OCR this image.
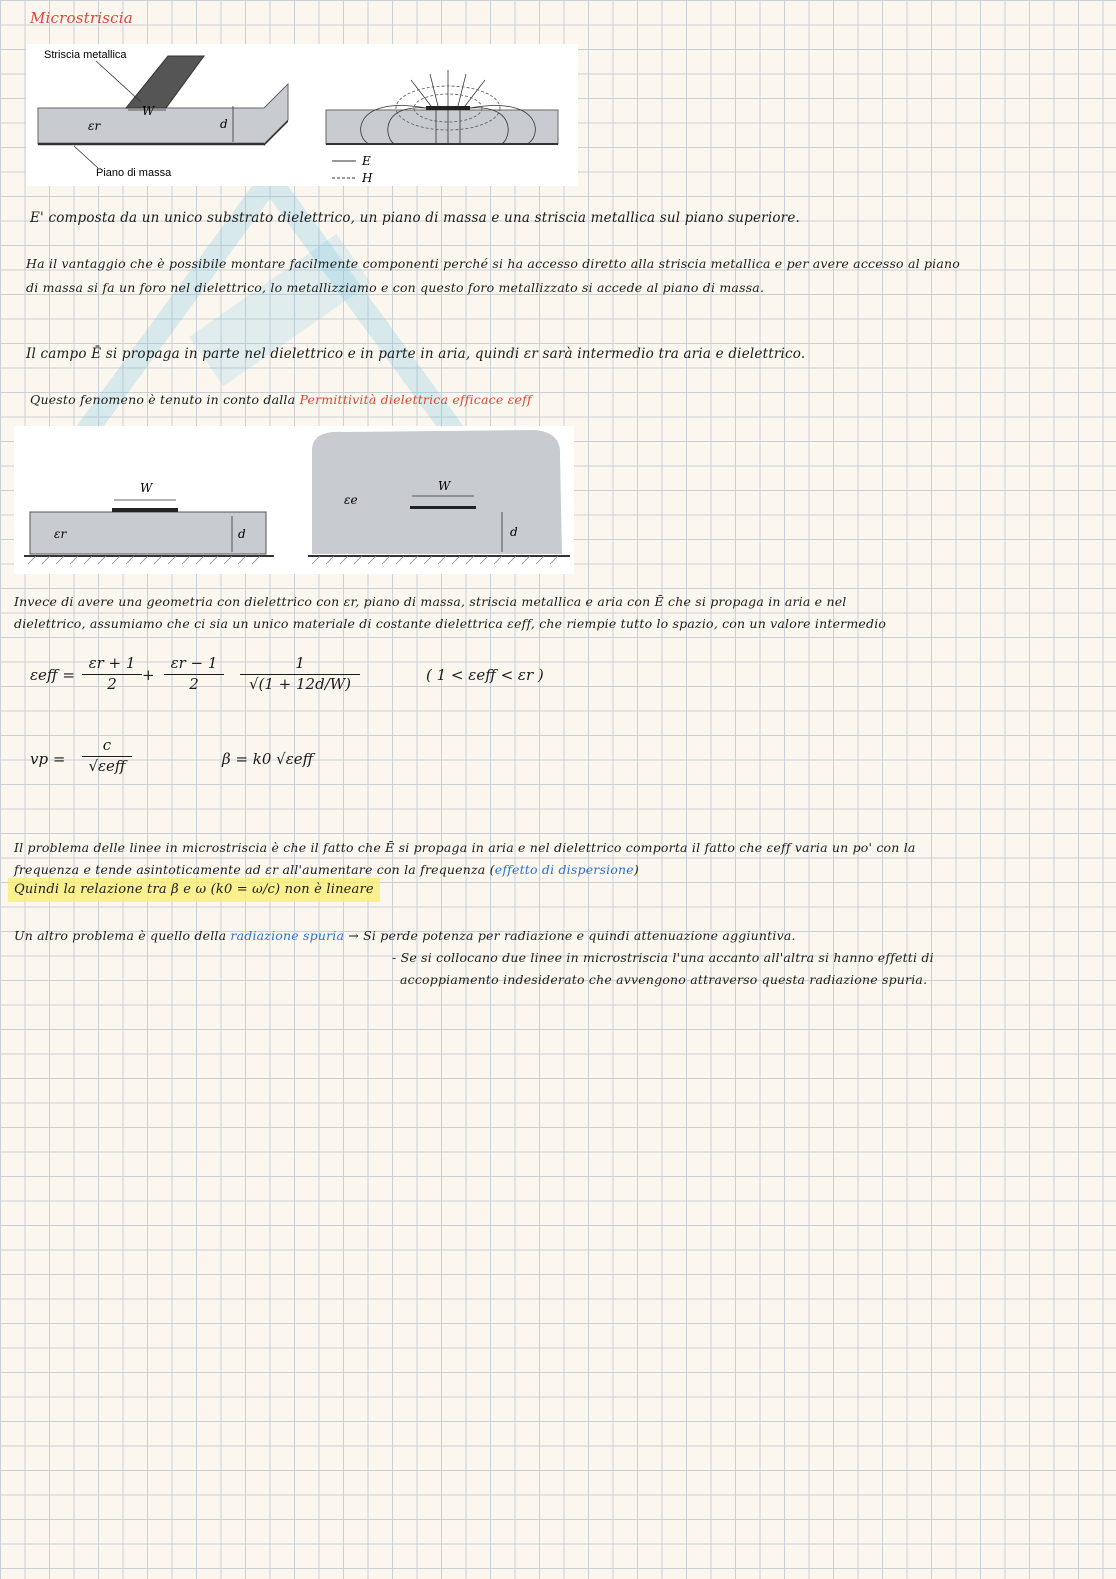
Microstriscia
Striscia metallica
Piano di massa
W
εr	d
E
H
E' composta da un unico substrato dielettrico, un piano di massa e una striscia metallica sul piano superiore.
Ha il vantaggio che è possibile montare facilmente componenti perché si ha accesso diretto alla striscia metallica e per avere accesso al piano
di massa si fa un foro nel dielettrico, lo metallizziamo e con questo foro metallizzato si accede al piano di massa.
Il campo Ē si propaga in parte nel dielettrico e in parte in aria, quindi εr sarà intermedio tra aria e dielettrico.
Questo fenomeno è tenuto in conto dalla Permittività dielettrica efficace εeff
W
εr	d
W
εe
d
Invece di avere una geometria con dielettrico con εr, piano di massa, striscia metallica e aria con Ē che si propaga in aria e nel
dielettrico, assumiamo che ci sia un unico materiale di costante dielettrica εeff, che riempie tutto lo spazio, con un valore intermedio
εeff =
εr + 1
2	+
εr − 1
2
1
√(1 + 12d/W)	( 1 < εeff < εr )
vp =
c
√εeff	β = k0 √εeff
Il problema delle linee in microstriscia è che il fatto che Ē si propaga in aria e nel dielettrico comporta il fatto che εeff varia un po' con la
frequenza e tende asintoticamente ad εr all'aumentare con la frequenza (effetto di dispersione)
Quindi la relazione tra β e ω (k0 = ω/c) non è lineare
Un altro problema è quello della radiazione spuria → Si perde potenza per radiazione e quindi attenuazione aggiuntiva.
- Se si collocano due linee in microstriscia l'una accanto all'altra si hanno effetti di
accoppiamento indesiderato che avvengono attraverso questa radiazione spuria.
